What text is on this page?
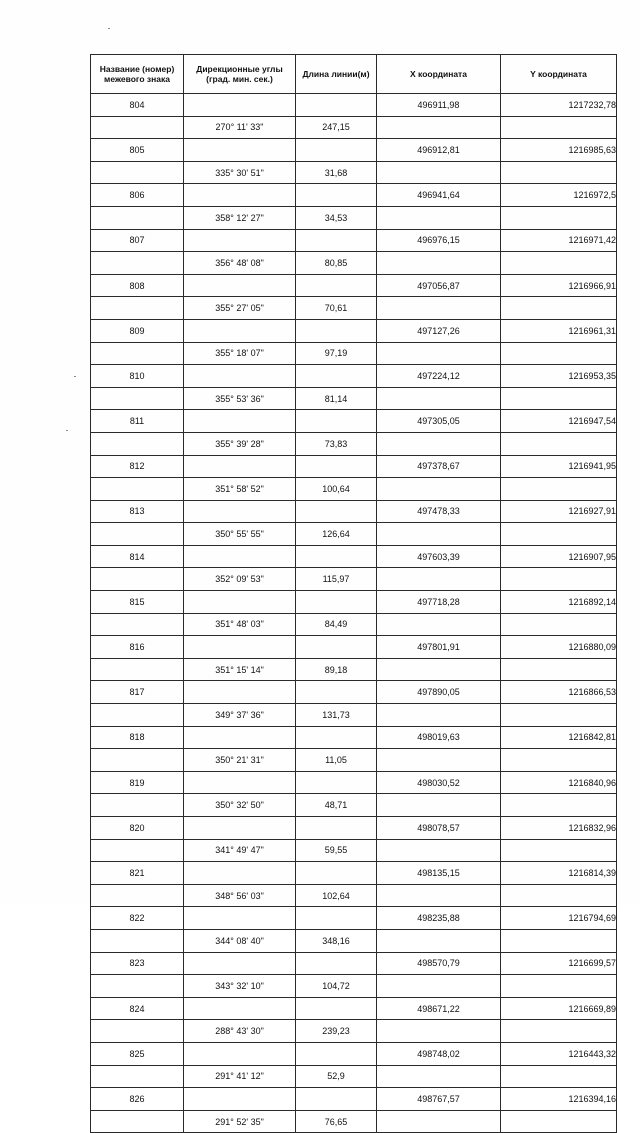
Название (номер) межевого знака	Дирекционные углы (град. мин. сек.)	Длина линии(м)	X координата	Y координата
804			496911,98	1217232,78
	270° 11' 33"	247,15		
805			496912,81	1216985,63
	335° 30' 51"	31,68		
806			496941,64	1216972,5
	358° 12' 27"	34,53		
807			496976,15	1216971,42
	356° 48' 08"	80,85		
808			497056,87	1216966,91
	355° 27' 05"	70,61		
809			497127,26	1216961,31
	355° 18' 07"	97,19		
810			497224,12	1216953,35
	355° 53' 36"	81,14		
811			497305,05	1216947,54
	355° 39' 28"	73,83		
812			497378,67	1216941,95
	351° 58' 52"	100,64		
813			497478,33	1216927,91
	350° 55' 55"	126,64		
814			497603,39	1216907,95
	352° 09' 53"	115,97		
815			497718,28	1216892,14
	351° 48' 03"	84,49		
816			497801,91	1216880,09
	351° 15' 14"	89,18		
817			497890,05	1216866,53
	349° 37' 36"	131,73		
818			498019,63	1216842,81
	350° 21' 31"	11,05		
819			498030,52	1216840,96
	350° 32' 50"	48,71		
820			498078,57	1216832,96
	341° 49' 47"	59,55		
821			498135,15	1216814,39
	348° 56' 03"	102,64		
822			498235,88	1216794,69
	344° 08' 40"	348,16		
823			498570,79	1216699,57
	343° 32' 10"	104,72		
824			498671,22	1216669,89
	288° 43' 30"	239,23		
825			498748,02	1216443,32
	291° 41' 12"	52,9		
826			498767,57	1216394,16
	291° 52' 35"	76,65		
